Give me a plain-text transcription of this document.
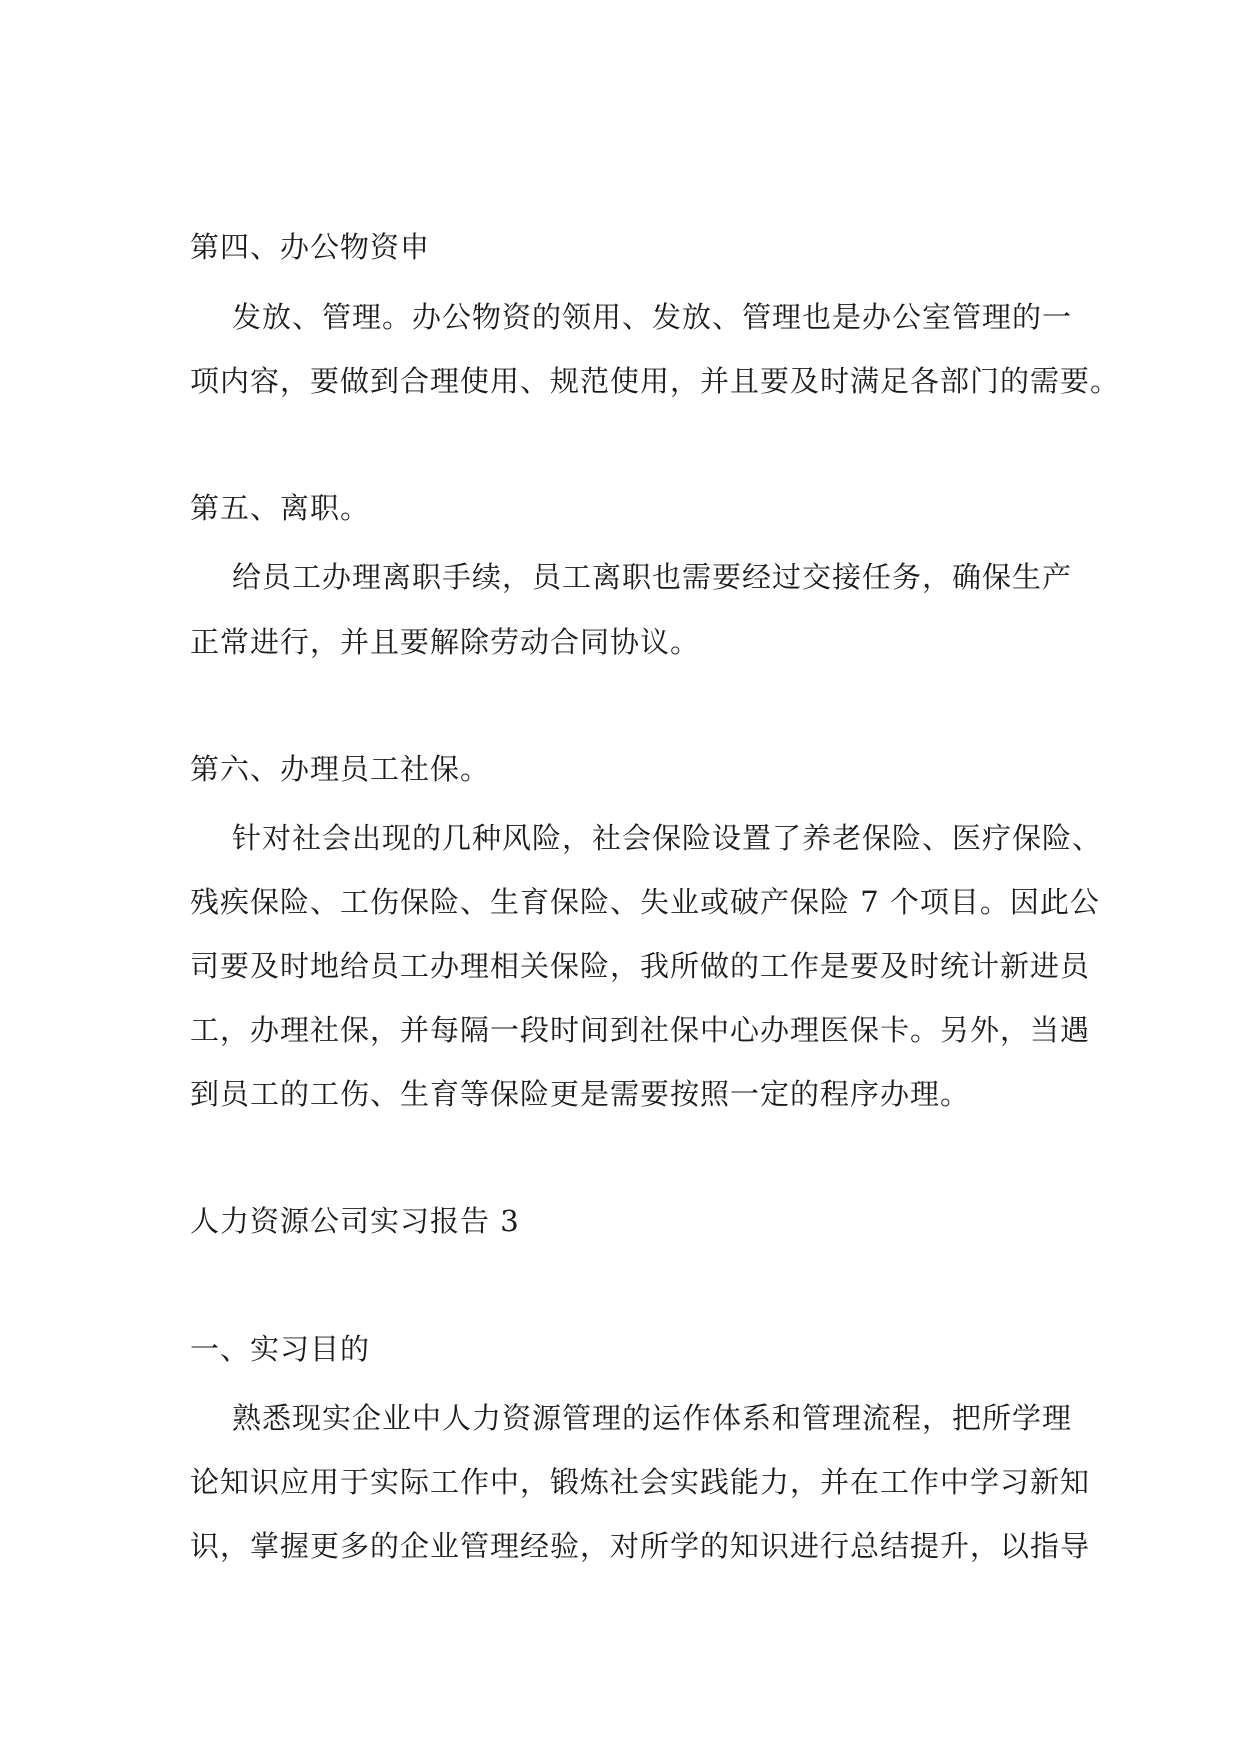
第四、办公物资申
发放、管理。办公物资的领用、发放、管理也是办公室管理的一
项内容，要做到合理使用、规范使用，并且要及时满足各部门的需要。
第五、离职。
给员工办理离职手续，员工离职也需要经过交接任务，确保生产
正常进行，并且要解除劳动合同协议。
第六、办理员工社保。
针对社会出现的几种风险，社会保险设置了养老保险、医疗保险、
残疾保险、工伤保险、生育保险、失业或破产保险 7 个项目。因此公
司要及时地给员工办理相关保险，我所做的工作是要及时统计新进员
工，办理社保，并每隔一段时间到社保中心办理医保卡。另外，当遇
到员工的工伤、生育等保险更是需要按照一定的程序办理。
人力资源公司实习报告 3
一、实习目的
熟悉现实企业中人力资源管理的运作体系和管理流程，把所学理
论知识应用于实际工作中，锻炼社会实践能力，并在工作中学习新知
识，掌握更多的企业管理经验，对所学的知识进行总结提升，以指导
